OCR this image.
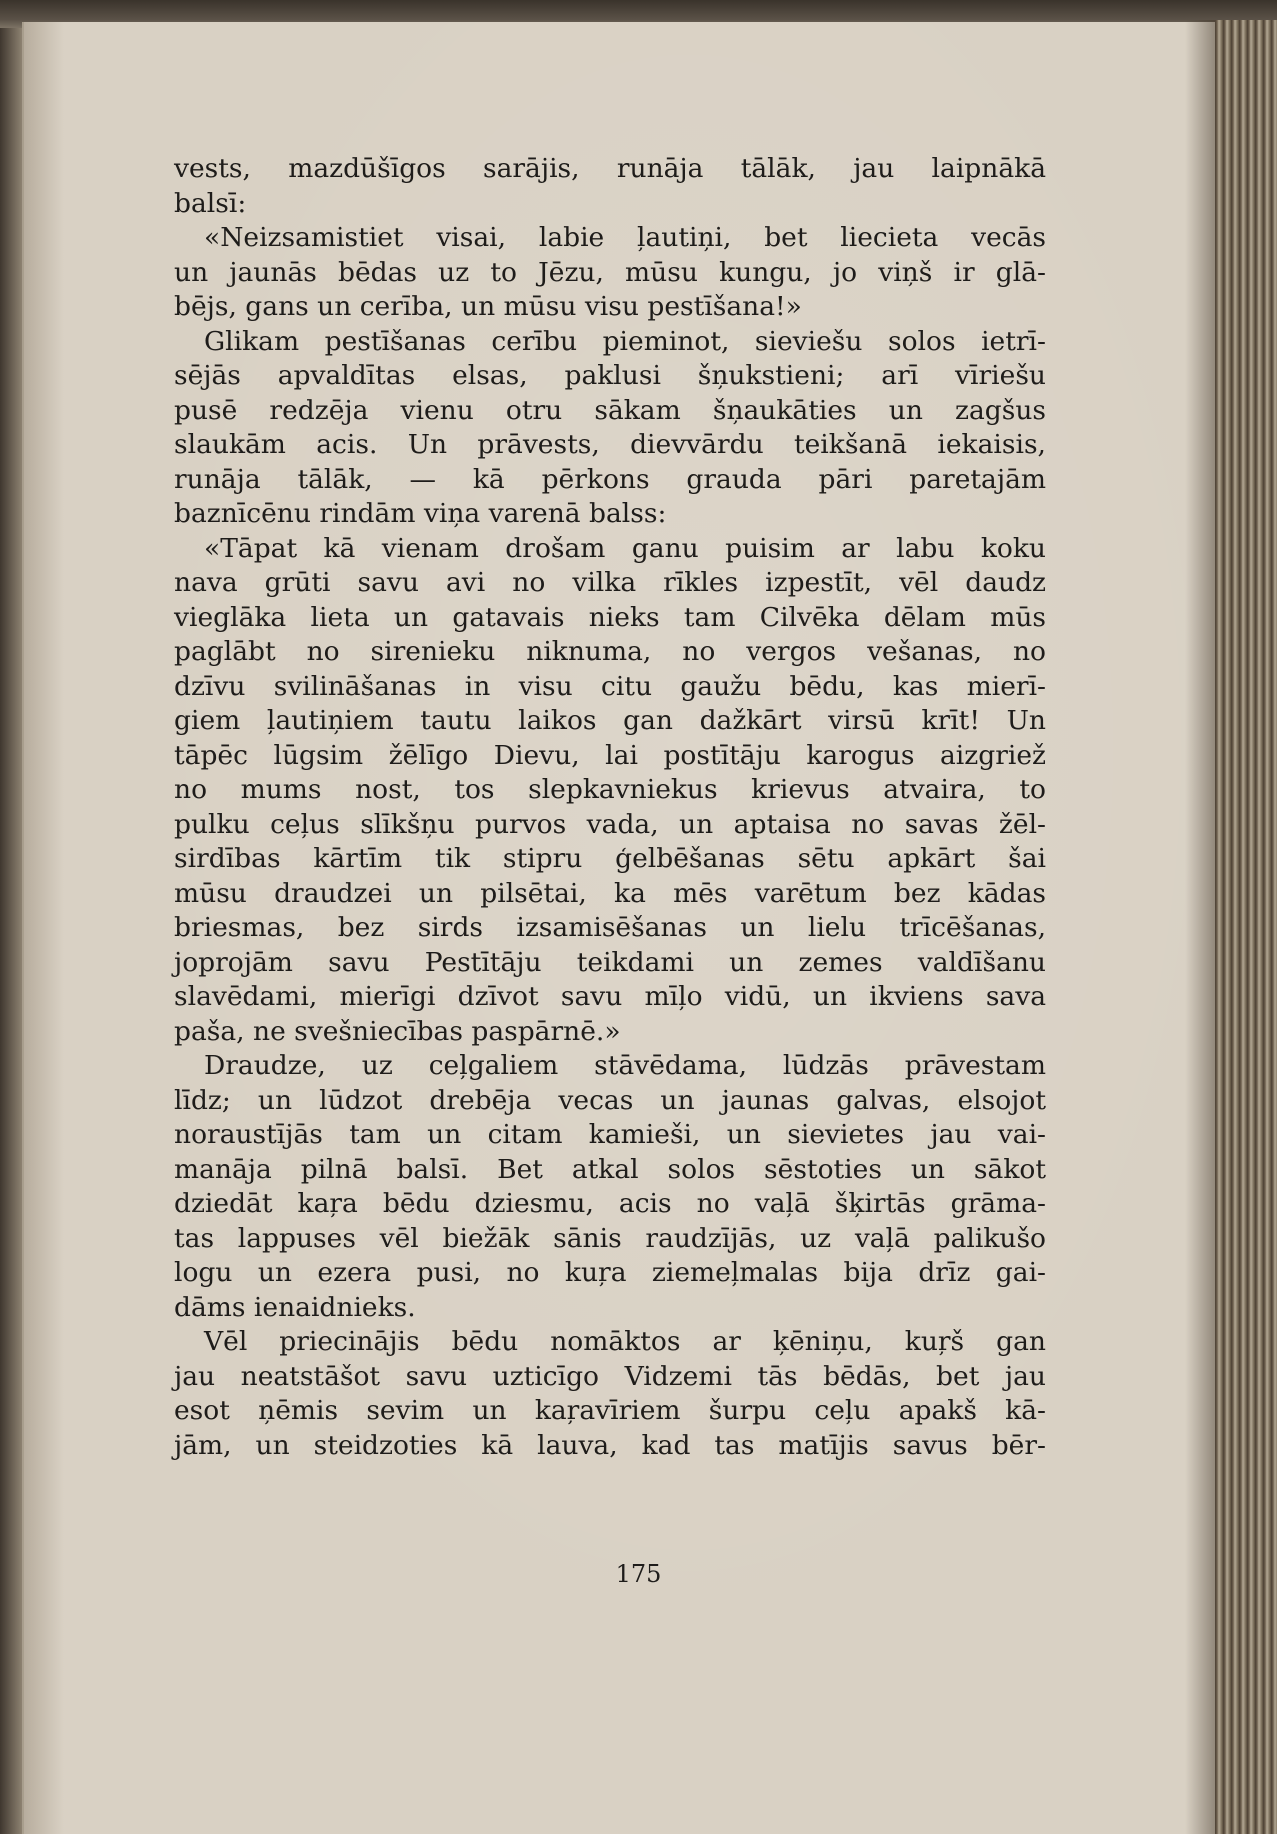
vests, mazdūšīgos sarājis, runāja tālāk, jau laipnākā
balsī:
«Neizsamistiet visai, labie ļautiņi, bet liecieta vecās
un jaunās bēdas uz to Jēzu, mūsu kungu, jo viņš ir glā-
bējs, gans un cerība, un mūsu visu pestīšana!»
Glikam pestīšanas cerību pieminot, sieviešu solos ietrī-
sējās apvaldītas elsas, paklusi šņukstieni; arī vīriešu
pusē redzēja vienu otru sākam šņaukāties un zagšus
slaukām acis. Un prāvests, dievvārdu teikšanā iekaisis,
runāja tālāk, — kā pērkons grauda pāri paretajām
baznīcēnu rindām viņa varenā balss:
«Tāpat kā vienam drošam ganu puisim ar labu koku
nava grūti savu avi no vilka rīkles izpestīt, vēl daudz
vieglāka lieta un gatavais nieks tam Cilvēka dēlam mūs
paglābt no sirenieku niknuma, no vergos vešanas, no
dzīvu svilināšanas in visu citu gaužu bēdu, kas mierī-
giem ļautiņiem tautu laikos gan dažkārt virsū krīt! Un
tāpēc lūgsim žēlīgo Dievu, lai postītāju karogus aizgriež
no mums nost, tos slepkavniekus krievus atvaira, to
pulku ceļus slīkšņu purvos vada, un aptaisa no savas žēl-
sirdības kārtīm tik stipru ģelbēšanas sētu apkārt šai
mūsu draudzei un pilsētai, ka mēs varētum bez kādas
briesmas, bez sirds izsamisēšanas un lielu trīcēšanas,
joprojām savu Pestītāju teikdami un zemes valdīšanu
slavēdami, mierīgi dzīvot savu mīļo vidū, un ikviens sava
paša, ne svešniecības paspārnē.»
Draudze, uz ceļgaliem stāvēdama, lūdzās prāvestam
līdz; un lūdzot drebēja vecas un jaunas galvas, elsojot
noraustījās tam un citam kamieši, un sievietes jau vai-
manāja pilnā balsī. Bet atkal solos sēstoties un sākot
dziedāt kaŗa bēdu dziesmu, acis no vaļā šķirtās grāma-
tas lappuses vēl biežāk sānis raudzījās, uz vaļā palikušo
logu un ezera pusi, no kuŗa ziemeļmalas bija drīz gai-
dāms ienaidnieks.
Vēl priecinājis bēdu nomāktos ar ķēniņu, kuŗš gan
jau neatstāšot savu uzticīgo Vidzemi tās bēdās, bet jau
esot ņēmis sevim un kaŗavīriem šurpu ceļu apakš kā-
jām, un steidzoties kā lauva, kad tas matījis savus bēr-
175
